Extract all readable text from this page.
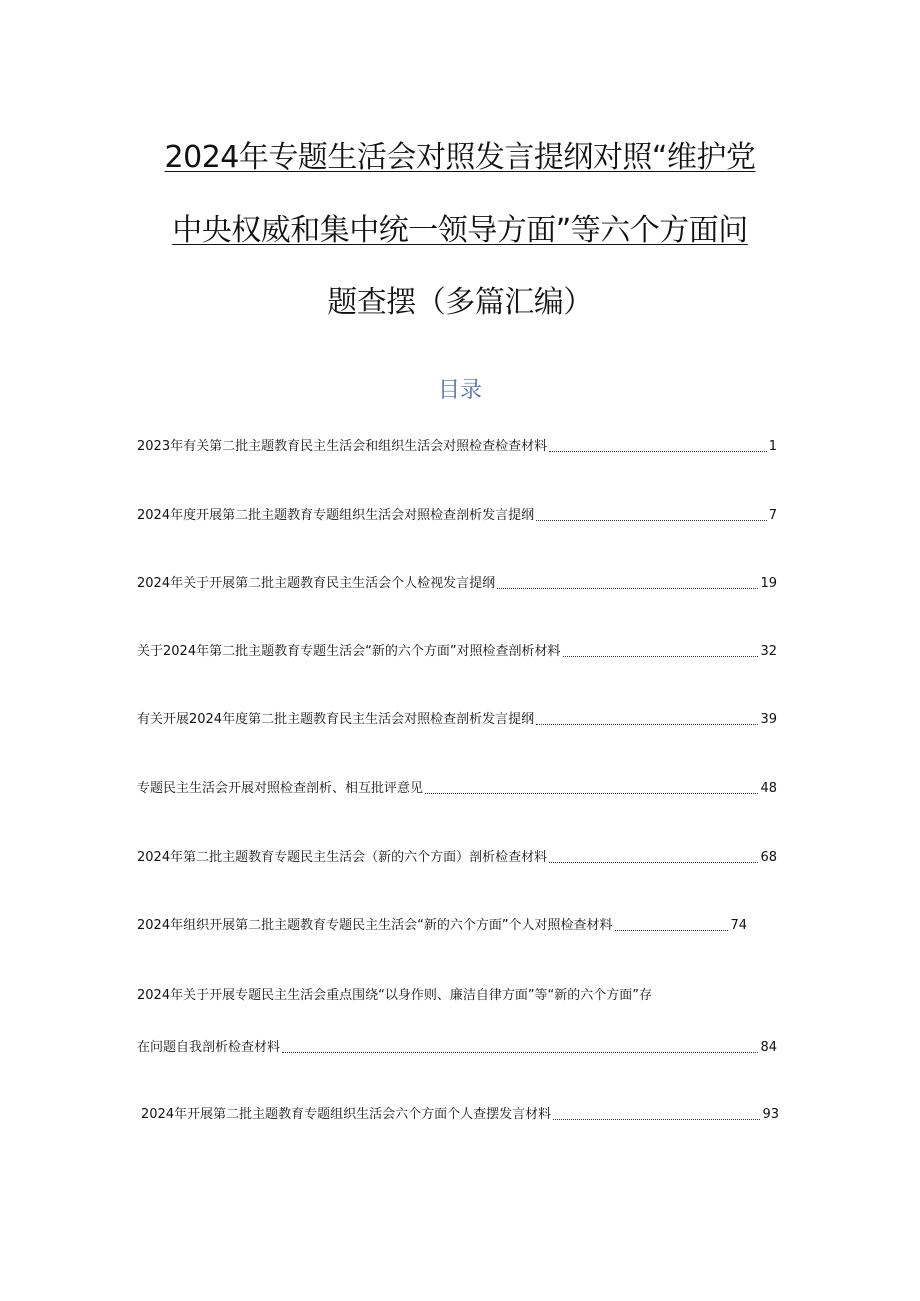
2024年专题生活会对照发言提纲对照“维护党
中央权威和集中统一领导方面”等六个方面问
题查摆（多篇汇编）
目录
2023年有关第二批主题教育民主生活会和组织生活会对照检查检查材料	1
2024年度开展第二批主题教育专题组织生活会对照检查剖析发言提纲	7
2024年关于开展第二批主题教育民主生活会个人检视发言提纲	19
关于2024年第二批主题教育专题生活会“新的六个方面”对照检查剖析材料	32
有关开展2024年度第二批主题教育民主生活会对照检查剖析发言提纲	39
专题民主生活会开展对照检查剖析、相互批评意见	48
2024年第二批主题教育专题民主生活会（新的六个方面）剖析检查材料	68
2024年组织开展第二批主题教育专题民主生活会“新的六个方面”个人对照检查材料	74
2024年关于开展专题民主生活会重点围绕“以身作则、廉洁自律方面”等“新的六个方面”存
在问题自我剖析检查材料	84
2024年开展第二批主题教育专题组织生活会六个方面个人查摆发言材料	93
